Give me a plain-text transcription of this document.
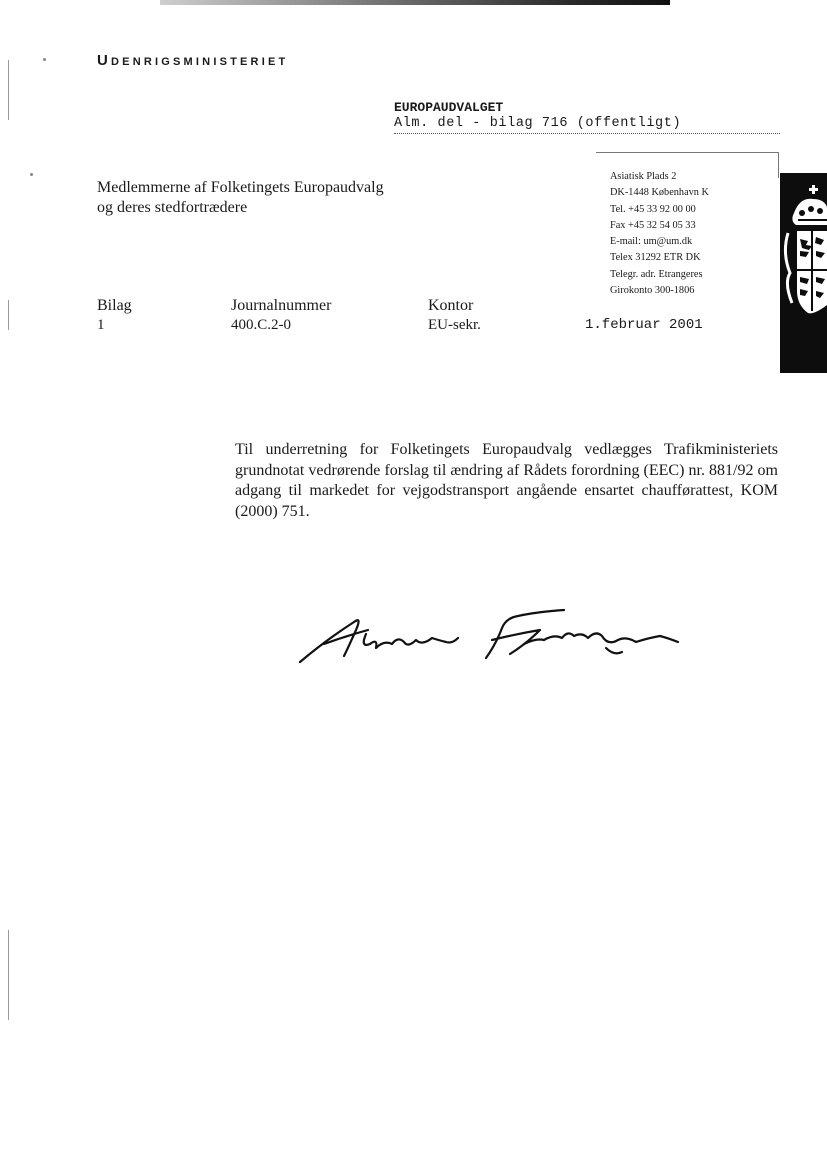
Udenrigsministeriet
EUROPAUDVALGET
Alm. del - bilag 716 (offentligt)
Medlemmerne af Folketingets Europaudvalg
og deres stedfortrædere
Asiatisk Plads 2
DK-1448 København K
Tel. +45 33 92 00 00
Fax +45 32 54 05 33
E-mail: um@um.dk
Telex 31292 ETR DK
Telegr. adr. Etrangeres
Girokonto 300-1806
Bilag
1
Journalnummer
400.C.2-0
Kontor
EU-sekr.	1.februar 2001
Til underretning for Folketingets Europaudvalg vedlægges Trafikministeriets grundnotat vedrørende forslag til ændring af Rådets forordning (EEC) nr. 881/92 om adgang til markedet for vejgodstransport angående ensartet chaufførattest, KOM (2000) 751.
